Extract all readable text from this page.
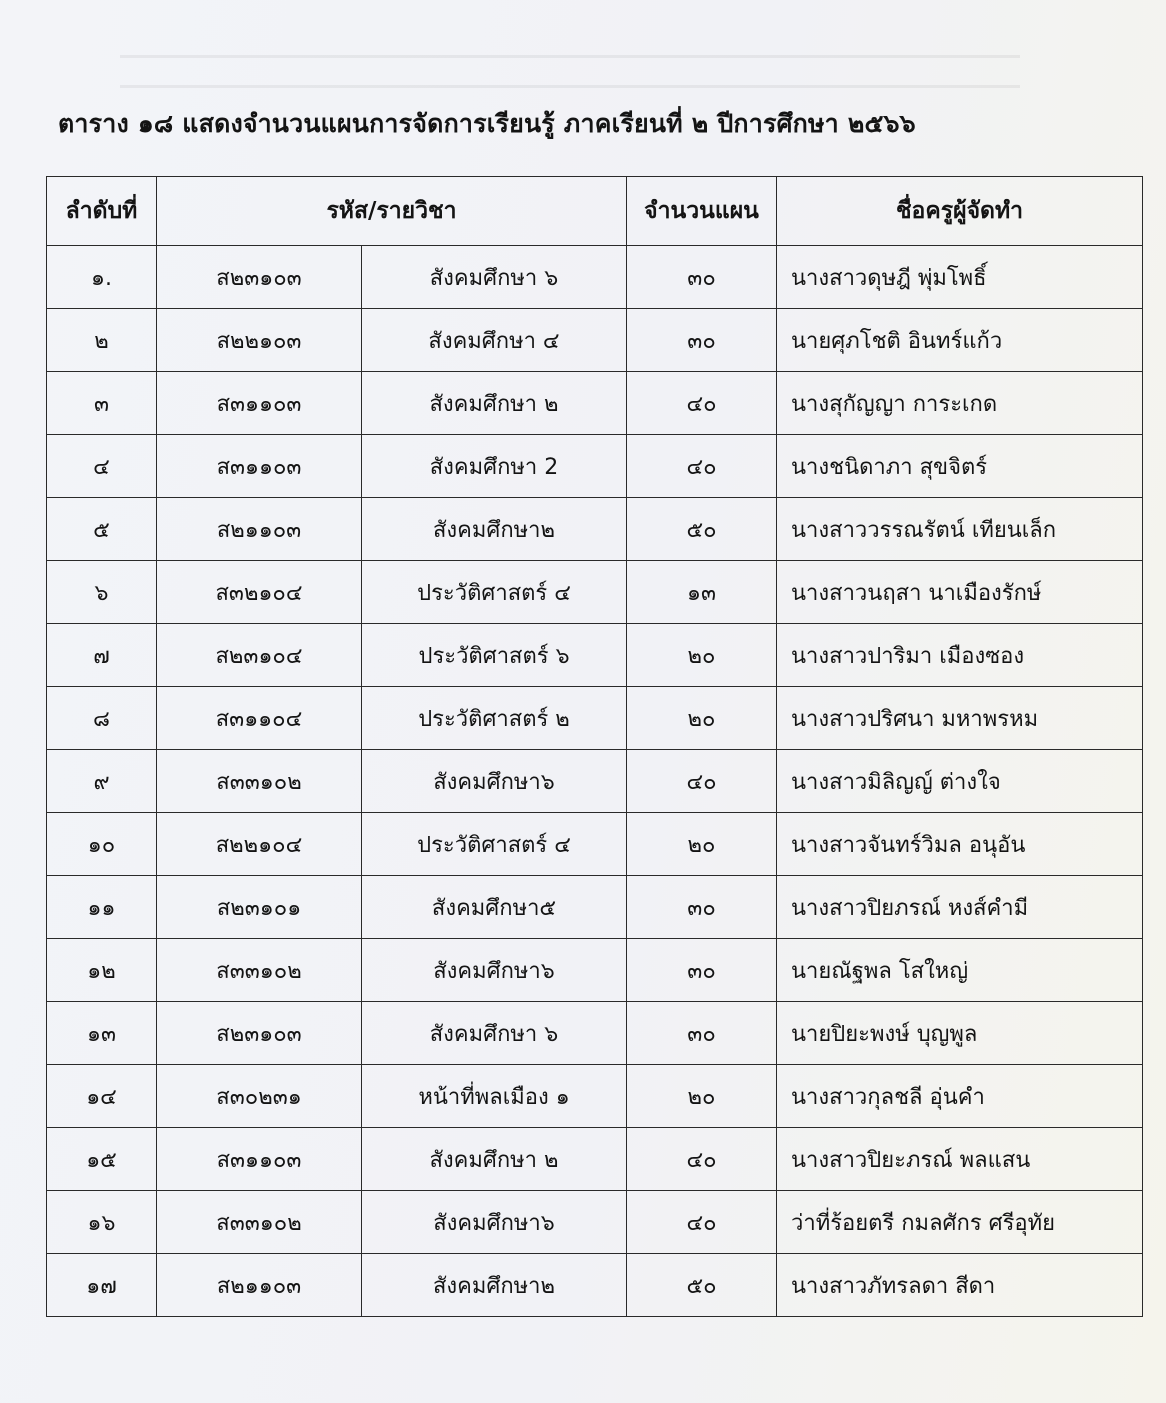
ตาราง ๑๘ แสดงจำนวนแผนการจัดการเรียนรู้ ภาคเรียนที่ ๒ ปีการศึกษา ๒๕๖๖
ลำดับที่	รหัส/รายวิชา		จำนวนแผน	ชื่อครูผู้จัดทำ
๑.	ส๒๓๑๐๓	สังคมศึกษา ๖	๓๐	นางสาวดุษฎี พุ่มโพธิ์
๒	ส๒๒๑๐๓	สังคมศึกษา ๔	๓๐	นายศุภโชติ อินทร์แก้ว
๓	ส๓๑๑๐๓	สังคมศึกษา ๒	๔๐	นางสุกัญญา การะเกด
๔	ส๓๑๑๐๓	สังคมศึกษา 2	๔๐	นางชนิดาภา สุขจิตร์
๕	ส๒๑๑๐๓	สังคมศึกษา๒	๕๐	นางสาววรรณรัตน์ เทียนเล็ก
๖	ส๓๒๑๐๔	ประวัติศาสตร์ ๔	๑๓	นางสาวนฤสา นาเมืองรักษ์
๗	ส๒๓๑๐๔	ประวัติศาสตร์ ๖	๒๐	นางสาวปาริมา เมืองซอง
๘	ส๓๑๑๐๔	ประวัติศาสตร์ ๒	๒๐	นางสาวปริศนา มหาพรหม
๙	ส๓๓๑๐๒	สังคมศึกษา๖	๔๐	นางสาวมิลิญญ์ ต่างใจ
๑๐	ส๒๒๑๐๔	ประวัติศาสตร์ ๔	๒๐	นางสาวจันทร์วิมล อนุอัน
๑๑	ส๒๓๑๐๑	สังคมศึกษา๕	๓๐	นางสาวปิยภรณ์ หงส์คำมี
๑๒	ส๓๓๑๐๒	สังคมศึกษา๖	๓๐	นายณัฐพล โสใหญ่
๑๓	ส๒๓๑๐๓	สังคมศึกษา ๖	๓๐	นายปิยะพงษ์ บุญพูล
๑๔	ส๓๐๒๓๑	หน้าที่พลเมือง ๑	๒๐	นางสาวกุลชลี อุ่นคำ
๑๕	ส๓๑๑๐๓	สังคมศึกษา ๒	๔๐	นางสาวปิยะภรณ์ พลแสน
๑๖	ส๓๓๑๐๒	สังคมศึกษา๖	๔๐	ว่าที่ร้อยตรี กมลศักร ศรีอุทัย
๑๗	ส๒๑๑๐๓	สังคมศึกษา๒	๕๐	นางสาวภัทรลดา สีดา
